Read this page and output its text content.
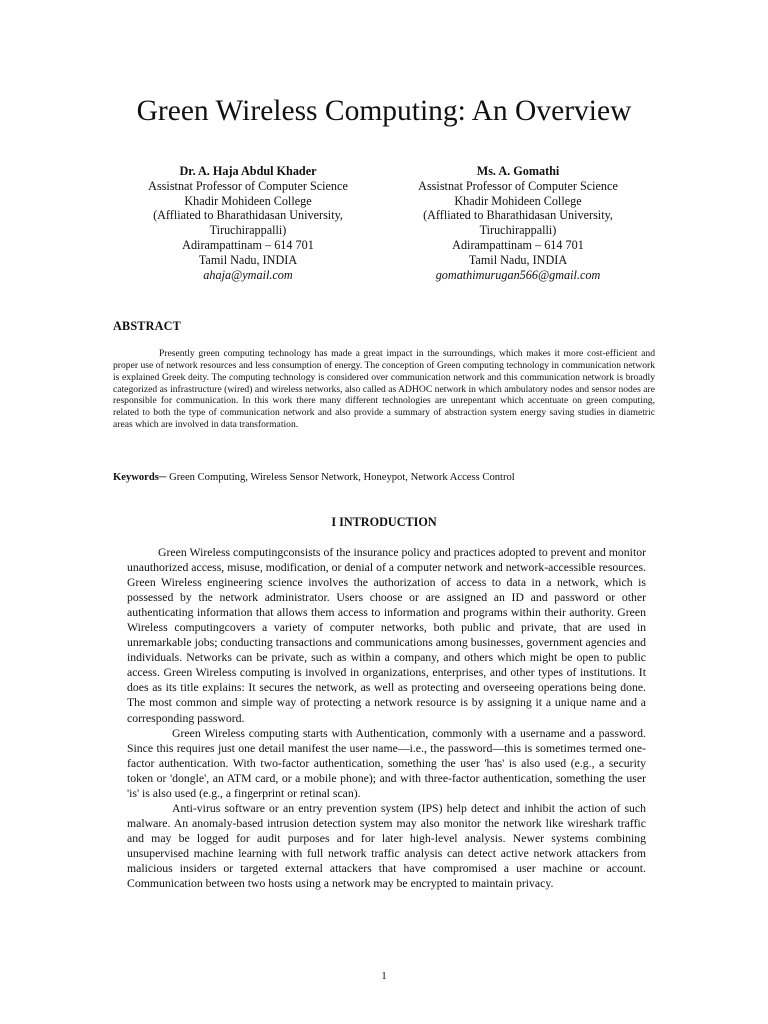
Green Wireless Computing: An Overview
Dr. A. Haja Abdul Khader
Assistnat Professor of Computer Science
Khadir Mohideen College
(Affliated to Bharathidasan University,
Tiruchirappalli)
Adirampattinam – 614 701
Tamil Nadu, INDIA
ahaja@ymail.com
Ms. A. Gomathi
Assistnat Professor of Computer Science
Khadir Mohideen College
(Affliated to Bharathidasan University,
Tiruchirappalli)
Adirampattinam – 614 701
Tamil Nadu, INDIA
gomathimurugan566@gmail.com
ABSTRACT
Presently green computing technology has made a great impact in the surroundings, which makes it more cost-efficient and proper use of network resources and less consumption of energy. The conception of Green computing technology in communication network is explained Greek deity. The computing technology is considered over communication network and this communication network is broadly categorized as infrastructure (wired) and wireless networks, also called as ADHOC network in which ambulatory nodes and sensor nodes are responsible for communication. In this work there many different technologies are unrepentant which accentuate on green computing, related to both the type of communication network and also provide a summary of abstraction system energy saving studies in diametric areas which are involved in data transformation.
Keywords─ Green Computing, Wireless Sensor Network, Honeypot, Network Access Control
I INTRODUCTION

Green Wireless computingconsists of the insurance policy and practices adopted to prevent and monitor unauthorized access, misuse, modification, or denial of a computer network and network-accessible resources. Green Wireless engineering science involves the authorization of access to data in a network, which is possessed by the network administrator. Users choose or are assigned an ID and password or other authenticating information that allows them access to information and programs within their authority. Green Wireless computingcovers a variety of computer networks, both public and private, that are used in unremarkable jobs; conducting transactions and communications among businesses, government agencies and individuals. Networks can be private, such as within a company, and others which might be open to public access. Green Wireless computing is involved in organizations, enterprises, and other types of institutions. It does as its title explains: It secures the network, as well as protecting and overseeing operations being done. The most common and simple way of protecting a network resource is by assigning it a unique name and a corresponding password.

Green Wireless computing starts with Authentication, commonly with a username and a password. Since this requires just one detail manifest the user name—i.e., the password—this is sometimes termed one-factor authentication. With two-factor authentication, something the user 'has' is also used (e.g., a security token or 'dongle', an ATM card, or a mobile phone); and with three-factor authentication, something the user 'is' is also used (e.g., a fingerprint or retinal scan).

Anti-virus software or an entry prevention system (IPS) help detect and inhibit the action of such malware. An anomaly-based intrusion detection system may also monitor the network like wireshark traffic and may be logged for audit purposes and for later high-level analysis. Newer systems combining unsupervised machine learning with full network traffic analysis can detect active network attackers from malicious insiders or targeted external attackers that have compromised a user machine or account. Communication between two hosts using a network may be encrypted to maintain privacy.

1
